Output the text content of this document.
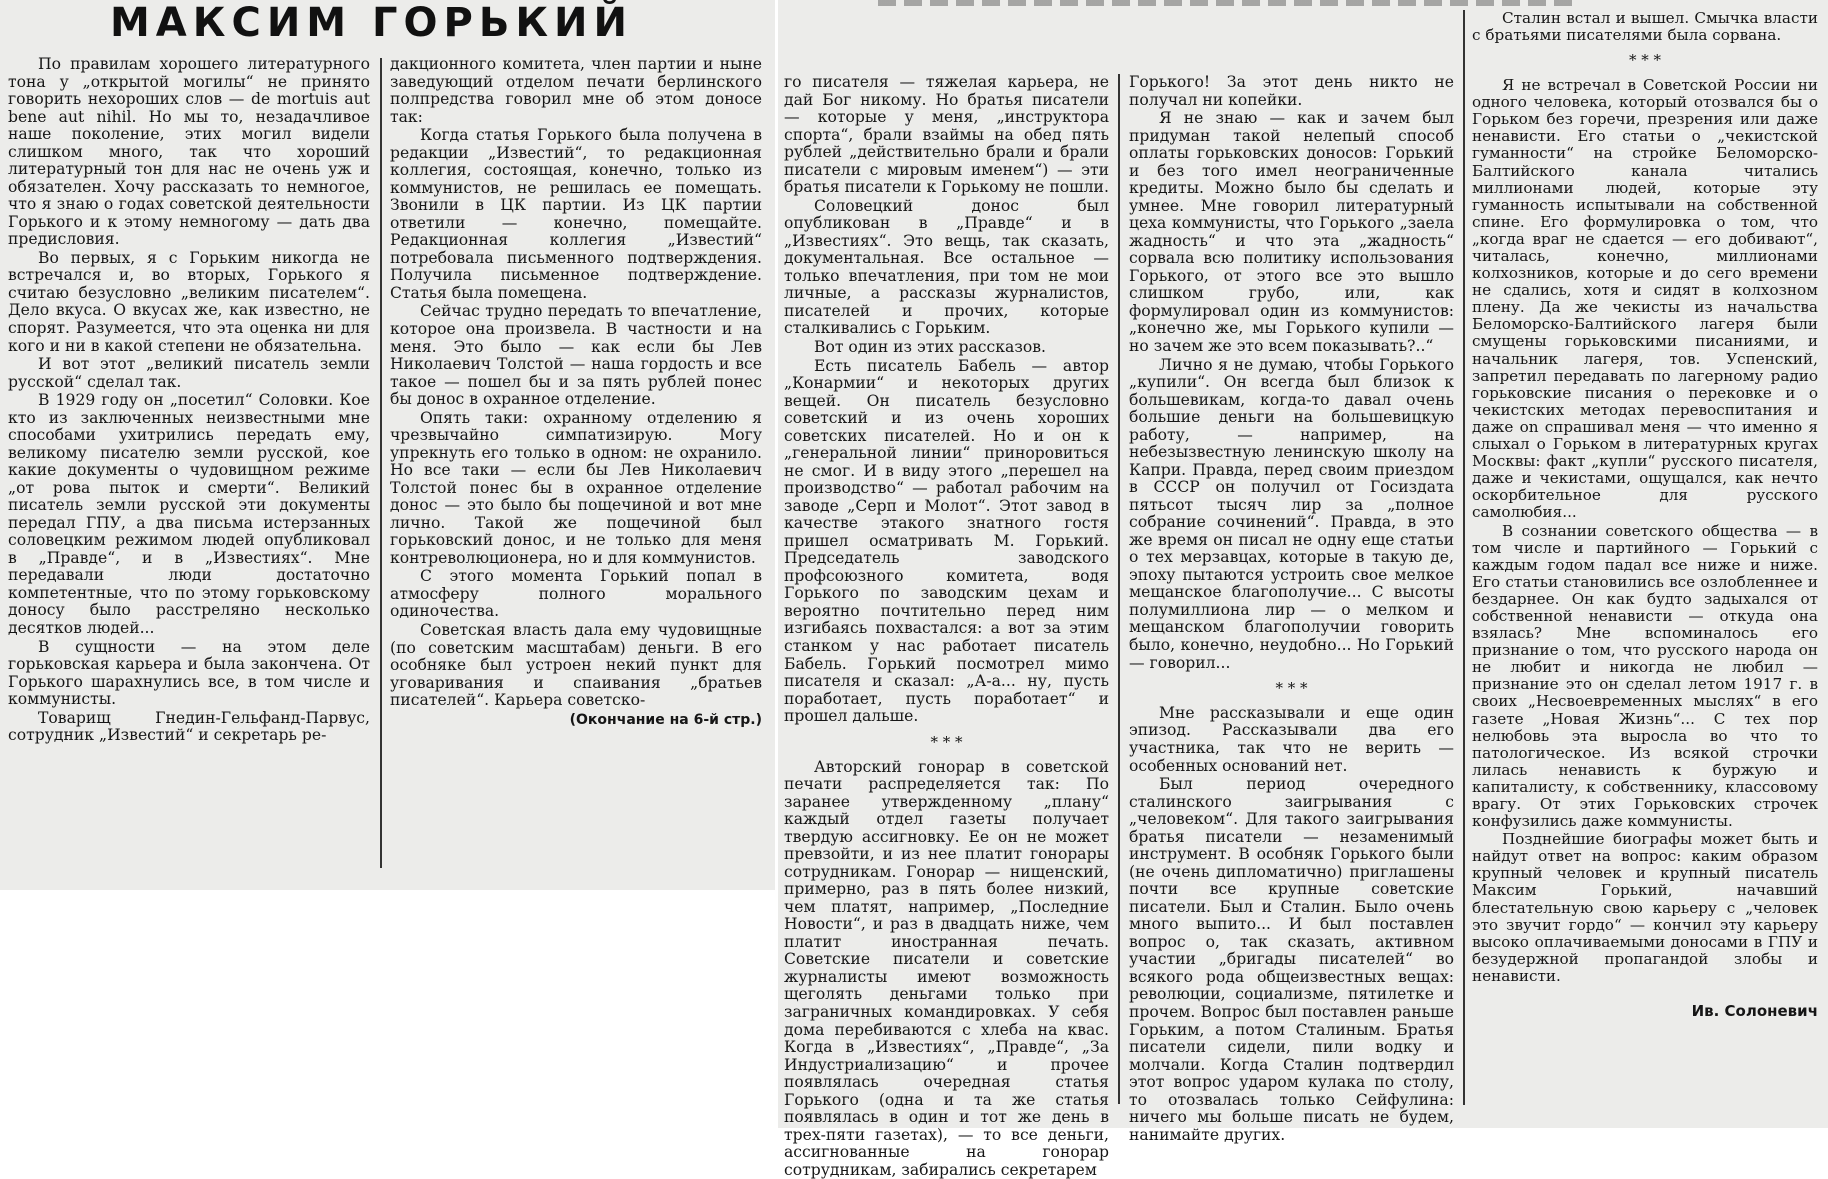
МАКСИМ ГОРЬКИЙ

По правилам хорошего литературного тона у „открытой могилы“ не принято говорить нехороших слов — de mortuis aut bene aut nihil. Но мы то, незадачливое наше поколение, этих могил видели слишком много, так что хороший литературный тон для нас не очень уж и обязателен. Хочу рассказать то немногое, что я знаю о годах советской деятельности Горького и к этому немногому — дать два предисловия.

Во первых, я с Горьким никогда не встречался и, во вторых, Горького я считаю безусловно „великим писателем“. Дело вкуса. О вкусах же, как известно, не спорят. Разумеется, что эта оценка ни для кого и ни в какой степени не обязательна.

И вот этот „великий писатель земли русской“ сделал так.

В 1929 году он „посетил“ Соловки. Кое кто из заключенных неизвестными мне способами ухитрились передать ему, великому писателю земли русской, кое какие документы о чудовищном режиме „от рова пыток и смерти“. Великий писатель земли русской эти документы передал ГПУ, а два письма истерзанных соловецким режимом людей опубликовал в „Правде“, и в „Известиях“. Мне передавали люди достаточно компетентные, что по этому горьковскому доносу было расстреляно несколько десятков людей...

В сущности — на этом деле горьковская карьера и была закончена. От Горького шарахнулись все, в том числе и коммунисты.

Товарищ Гнедин-Гельфанд-Парвус, сотрудник „Известий“ и секретарь ре-

дакционного комитета, член партии и ныне заведующий отделом печати берлинского полпредства говорил мне об этом доносе так:

Когда статья Горького была получена в редакции „Известий“, то редакционная коллегия, состоящая, конечно, только из коммунистов, не решилась ее помещать. Звонили в ЦК партии. Из ЦК партии ответили — конечно, помещайте. Редакционная коллегия „Известий“ потребовала письменного подтверждения. Получила письменное подтверждение. Статья была помещена.

Сейчас трудно передать то впечатление, которое она произвела. В частности и на меня. Это было — как если бы Лев Николаевич Толстой — наша гордость и все такое — пошел бы и за пять рублей понес бы донос в охранное отделение.

Опять таки: охранному отделению я чрезвычайно симпатизирую. Могу упрекнуть его только в одном: не охранило. Но все таки — если бы Лев Николаевич Толстой понес бы в охранное отделение донос — это было бы пощечиной и вот мне лично. Такой же пощечиной был горьковский донос, и не только для меня контреволюционера, но и для коммунистов.

С этого момента Горький попал в атмосферу полного морального одиночества.

Советская власть дала ему чудовищные (по советским масштабам) деньги. В его особняке был устроен некий пункт для уговаривания и спаивания „братьев писателей“. Карьера советско-

(Окончание на 6-й стр.)

го писателя — тяжелая карьера, не дай Бог никому. Но братья писатели — которые у меня, „инструктора спорта“, брали взаймы на обед пять рублей „действительно брали и брали писатели с мировым именем“) — эти братья писатели к Горькому не пошли.

Соловецкий донос был опубликован в „Правде“ и в „Известиях“. Это вещь, так сказать, документальная. Все остальное — только впечатления, при том не мои личные, а рассказы журналистов, писателей и прочих, которые сталкивались с Горьким.

Вот один из этих рассказов.

Есть писатель Бабель — автор „Конармии“ и некоторых других вещей. Он писатель безусловно советский и из очень хороших советских писателей. Но и он к „генеральной линии“ приноровиться не смог. И в виду этого „перешел на производство“ — работал рабочим на заводе „Серп и Молот“. Этот завод в качестве этакого знатного гостя пришел осматривать М. Горький. Председатель заводского профсоюзного комитета, водя Горького по заводским цехам и вероятно почтительно перед ним изгибаясь похвастался: а вот за этим станком у нас работает писатель Бабель. Горький посмотрел мимо писателя и сказал: „А-а... ну, пусть поработает, пусть поработает“ и прошел дальше.

* * *

Авторский гонорар в советской печати распределяется так: По заранее утвержденному „плану“ каждый отдел газеты получает твердую ассигновку. Ее он не может превзойти, и из нее платит гонорары сотрудникам. Гонорар — нищенский, примерно, раз в пять более низкий, чем платят, например, „Последние Новости“, и раз в двадцать ниже, чем платит иностранная печать. Советские писатели и советские журналисты имеют возможность щеголять деньгами только при заграничных командировках. У себя дома перебиваются с хлеба на квас. Когда в „Известиях“, „Правде“, „За Индустриализацию“ и прочее появлялась очередная статья Горького (одна и та же статья появлялась в один и тот же день в трех-пяти газетах), — то все деньги, ассигнованные на гонорар сотрудникам, забирались секретарем

Горького! За этот день никто не получал ни копейки.

Я не знаю — как и зачем был придуман такой нелепый способ оплаты горьковских доносов: Горький и без того имел неограниченные кредиты. Можно было бы сделать и умнее. Мне говорил литературный цеха коммунисты, что Горького „заела жадность“ и что эта „жадность“ сорвала всю политику использования Горького, от этого все это вышло слишком грубо, или, как формулировал один из коммунистов: „конечно же, мы Горького купили — но зачем же это всем показывать?..“

Лично я не думаю, чтобы Горького „купили“. Он всегда был близок к большевикам, когда-то давал очень большие деньги на большевицкую работу, — например, на небезызвестную ленинскую школу на Капри. Правда, перед своим приездом в СССР он получил от Госиздата пятьсот тысяч лир за „полное собрание сочинений“. Правда, в это же время он писал не одну еще статьи о тех мерзавцах, которые в такую де, эпоху пытаются устроить свое мелкое мещанское благополучие... С высоты полумиллиона лир — о мелком и мещанском благополучии говорить было, конечно, неудобно... Но Горький — говорил...

* * *

Мне рассказывали и еще один эпизод. Рассказывали два его участника, так что не верить — особенных оснований нет.

Был период очередного сталинского заигрывания с „человеком“. Для такого заигрывания братья писатели — незаменимый инструмент. В особняк Горького были (не очень дипломатично) приглашены почти все крупные советские писатели. Был и Сталин. Было очень много выпито... И был поставлен вопрос о, так сказать, активном участии „бригады писателей“ во всякого рода общеизвестных вещах: революции, социализме, пятилетке и прочем. Вопрос был поставлен раньше Горьким, а потом Сталиным. Братья писатели сидели, пили водку и молчали. Когда Сталин подтвердил этот вопрос ударом кулака по столу, то отозвалась только Сейфулина: ничего мы больше писать не будем, нанимайте других.

Сталин встал и вышел. Смычка власти с братьями писателями была сорвана.

* * *

Я не встречал в Советской России ни одного человека, который отозвался бы о Горьком без горечи, презрения или даже ненависти. Его статьи о „чекистской гуманности“ на стройке Беломорско-Балтийского канала читались миллионами людей, которые эту гуманность испытывали на собственной спине. Его формулировка о том, что „когда враг не сдается — его добивают“, читалась, конечно, миллионами колхозников, которые и до сего времени не сдались, хотя и сидят в колхозном плену. Да же чекисты из начальства Беломорско-Балтийского лагеря были смущены горьковскими писаниями, и начальник лагеря, тов. Успенский, запретил передавать по лагерному радио горьковские писания о перековке и о чекистских методах перевоспитания и даже on спрашивал меня — что именно я слыхал о Горьком в литературных кругах Москвы: факт „купли“ русского писателя, даже и чекистами, ощущался, как нечто оскорбительное для русского самолюбия...

В сознании советского общества — в том числе и партийного — Горький с каждым годом падал все ниже и ниже. Его статьи становились все озлобленнее и бездарнее. Он как будто задыхался от собственной ненависти — откуда она взялась? Мне вспоминалось его признание о том, что русского народа он не любит и никогда не любил — признание это он сделал летом 1917 г. в своих „Несвоевременных мыслях“ в его газете „Новая Жизнь“... С тех пор нелюбовь эта выросла во что то патологическое. Из всякой строчки лилась ненависть к буржую и капиталисту, к собственнику, классовому врагу. От этих Горьковских строчек конфузились даже коммунисты.

Позднейшие биографы может быть и найдут ответ на вопрос: каким образом крупный человек и крупный писатель Максим Горький, начавший блестательную свою карьеру с „человек это звучит гордо“ — кончил эту карьеру высоко оплачиваемыми доносами в ГПУ и безудержной пропагандой злобы и ненависти.

Ив. Солоневич
